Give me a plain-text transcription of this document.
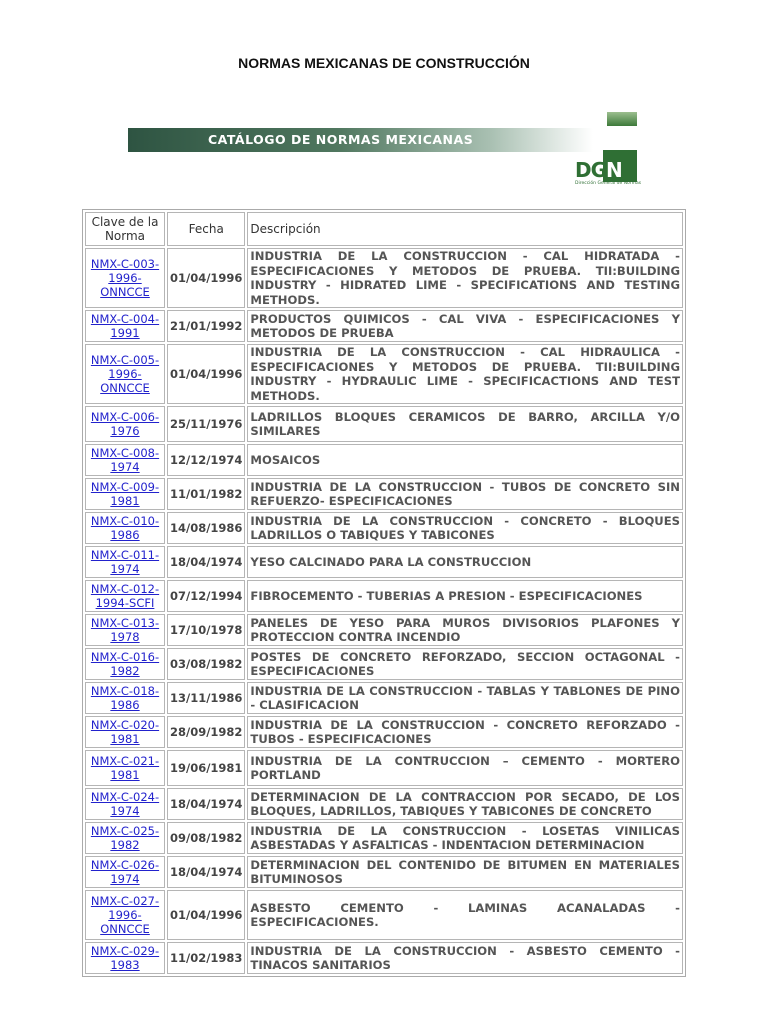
NORMAS MEXICANAS DE CONSTRUCCIÓN
CATÁLOGO DE NORMAS MEXICANAS
DGN
Dirección General de Normas
Clave de la Norma	Fecha	Descripción
NMX-C-003-1996-ONNCCE	01/04/1996	INDUSTRIA DE LA CONSTRUCCION - CAL HIDRATADA - ESPECIFICACIONES Y METODOS DE PRUEBA. TII:BUILDING INDUSTRY - HIDRATED LIME - SPECIFICATIONS AND TESTING METHODS.
NMX-C-004-1991	21/01/1992	PRODUCTOS QUIMICOS - CAL VIVA - ESPECIFICACIONES Y METODOS DE PRUEBA
NMX-C-005-1996-ONNCCE	01/04/1996	INDUSTRIA DE LA CONSTRUCCION - CAL HIDRAULICA - ESPECIFICACIONES Y METODOS DE PRUEBA. TII:BUILDING INDUSTRY - HYDRAULIC LIME - SPECIFICACTIONS AND TEST METHODS.
NMX-C-006-1976	25/11/1976	LADRILLOS BLOQUES CERAMICOS DE BARRO, ARCILLA Y/O SIMILARES
NMX-C-008-1974	12/12/1974	MOSAICOS
NMX-C-009-1981	11/01/1982	INDUSTRIA DE LA CONSTRUCCION - TUBOS DE CONCRETO SIN REFUERZO- ESPECIFICACIONES
NMX-C-010-1986	14/08/1986	INDUSTRIA DE LA CONSTRUCCION - CONCRETO - BLOQUES LADRILLOS O TABIQUES Y TABICONES
NMX-C-011-1974	18/04/1974	YESO CALCINADO PARA LA CONSTRUCCION
NMX-C-012-1994-SCFI	07/12/1994	FIBROCEMENTO - TUBERIAS A PRESION - ESPECIFICACIONES
NMX-C-013-1978	17/10/1978	PANELES DE YESO PARA MUROS DIVISORIOS PLAFONES Y PROTECCION CONTRA INCENDIO
NMX-C-016-1982	03/08/1982	POSTES DE CONCRETO REFORZADO, SECCION OCTAGONAL - ESPECIFICACIONES
NMX-C-018-1986	13/11/1986	INDUSTRIA DE LA CONSTRUCCION - TABLAS Y TABLONES DE PINO - CLASIFICACION
NMX-C-020-1981	28/09/1982	INDUSTRIA DE LA CONSTRUCCION - CONCRETO REFORZADO - TUBOS - ESPECIFICACIONES
NMX-C-021-1981	19/06/1981	INDUSTRIA DE LA CONTRUCCION – CEMENTO - MORTERO PORTLAND
NMX-C-024-1974	18/04/1974	DETERMINACION DE LA CONTRACCION POR SECADO, DE LOS BLOQUES, LADRILLOS, TABIQUES Y TABICONES DE CONCRETO
NMX-C-025-1982	09/08/1982	INDUSTRIA DE LA CONSTRUCCION - LOSETAS VINILICAS ASBESTADAS Y ASFALTICAS - INDENTACION DETERMINACION
NMX-C-026-1974	18/04/1974	DETERMINACION DEL CONTENIDO DE BITUMEN EN MATERIALES BITUMINOSOS
NMX-C-027-1996-ONNCCE	01/04/1996	ASBESTO CEMENTO - LAMINAS ACANALADAS - ESPECIFICACIONES.
NMX-C-029-1983	11/02/1983	INDUSTRIA DE LA CONSTRUCCION - ASBESTO CEMENTO - TINACOS SANITARIOS
